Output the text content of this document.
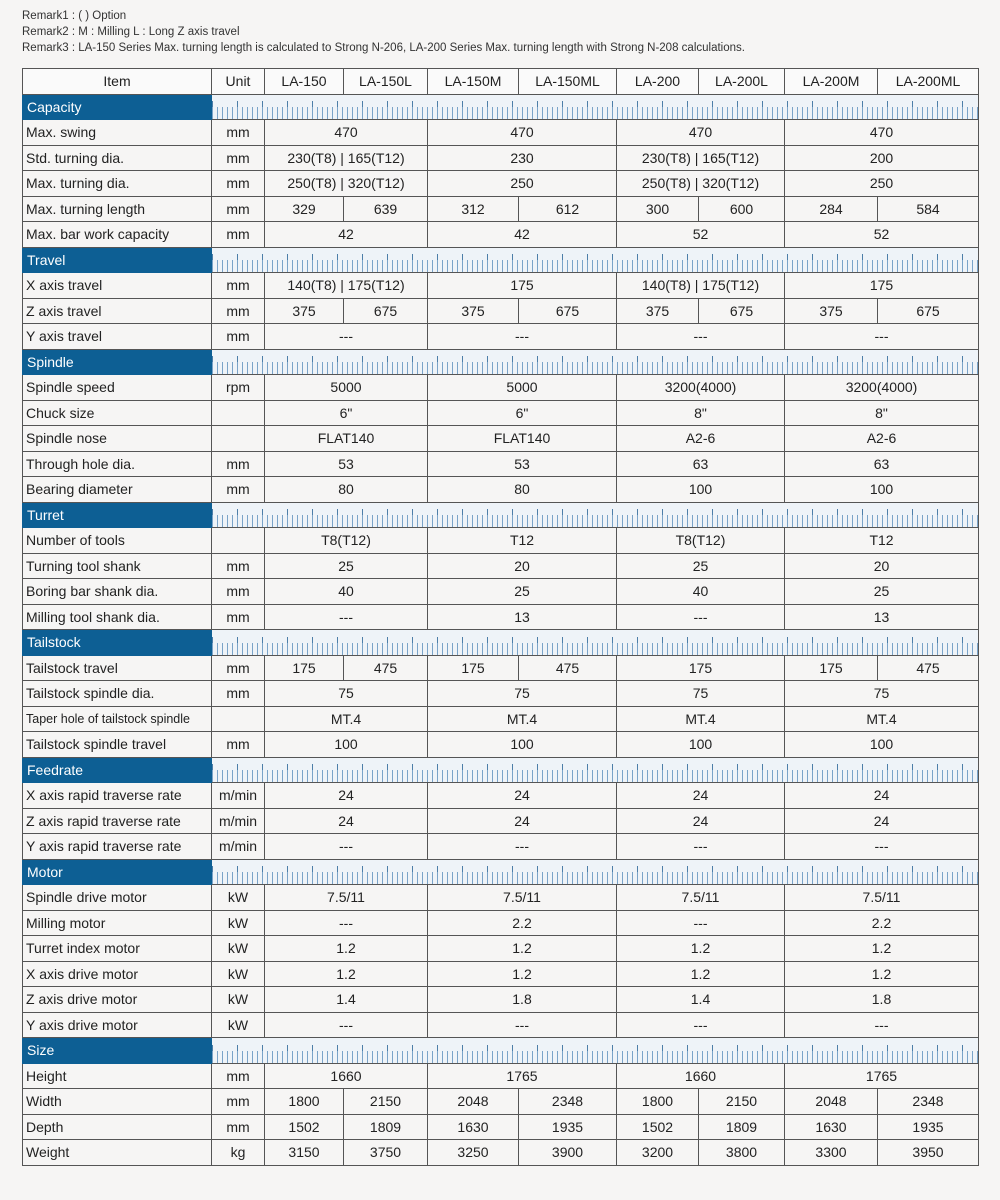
Remark1 : ( ) Option
Remark2 : M : Milling L : Long Z axis travel
Remark3 : LA-150 Series Max. turning length is calculated to Strong N-206, LA-200 Series Max. turning length with Strong N-208 calculations.
Item	Unit	LA-150	LA-150L	LA-150M	LA-150ML	LA-200	LA-200L	LA-200M	LA-200ML
Capacity									
Max. swing	mm	470		470		470		470	
Std. turning dia.	mm	230(T8) | 165(T12)		230		230(T8) | 165(T12)		200	
Max. turning dia.	mm	250(T8) | 320(T12)		250		250(T8) | 320(T12)		250	
Max. turning length	mm	329	639	312	612	300	600	284	584
Max. bar work capacity	mm	42		42		52		52	
Travel									
X axis travel	mm	140(T8) | 175(T12)		175		140(T8) | 175(T12)		175	
Z axis travel	mm	375	675	375	675	375	675	375	675
Y axis travel	mm	---		---		---		---	
Spindle									
Spindle speed	rpm	5000		5000		3200(4000)		3200(4000)	
Chuck size		6"		6"		8"		8"	
Spindle nose		FLAT140		FLAT140		A2-6		A2-6	
Through hole dia.	mm	53		53		63		63	
Bearing diameter	mm	80		80		100		100	
Turret									
Number of tools		T8(T12)		T12		T8(T12)		T12	
Turning tool shank	mm	25		20		25		20	
Boring bar shank dia.	mm	40		25		40		25	
Milling tool shank dia.	mm	---		13		---		13	
Tailstock									
Tailstock travel	mm	175	475	175	475	175		175	475
Tailstock spindle dia.	mm	75		75		75		75	
Taper hole of tailstock spindle		MT.4		MT.4		MT.4		MT.4	
Tailstock spindle travel	mm	100		100		100		100	
Feedrate									
X axis rapid traverse rate	m/min	24		24		24		24	
Z axis rapid traverse rate	m/min	24		24		24		24	
Y axis rapid traverse rate	m/min	---		---		---		---	
Motor									
Spindle drive motor	kW	7.5/11		7.5/11		7.5/11		7.5/11	
Milling motor	kW	---		2.2		---		2.2	
Turret index motor	kW	1.2		1.2		1.2		1.2	
X axis drive motor	kW	1.2		1.2		1.2		1.2	
Z axis drive motor	kW	1.4		1.8		1.4		1.8	
Y axis drive motor	kW	---		---		---		---	
Size									
Height	mm	1660		1765		1660		1765	
Width	mm	1800	2150	2048	2348	1800	2150	2048	2348
Depth	mm	1502	1809	1630	1935	1502	1809	1630	1935
Weight	kg	3150	3750	3250	3900	3200	3800	3300	3950
